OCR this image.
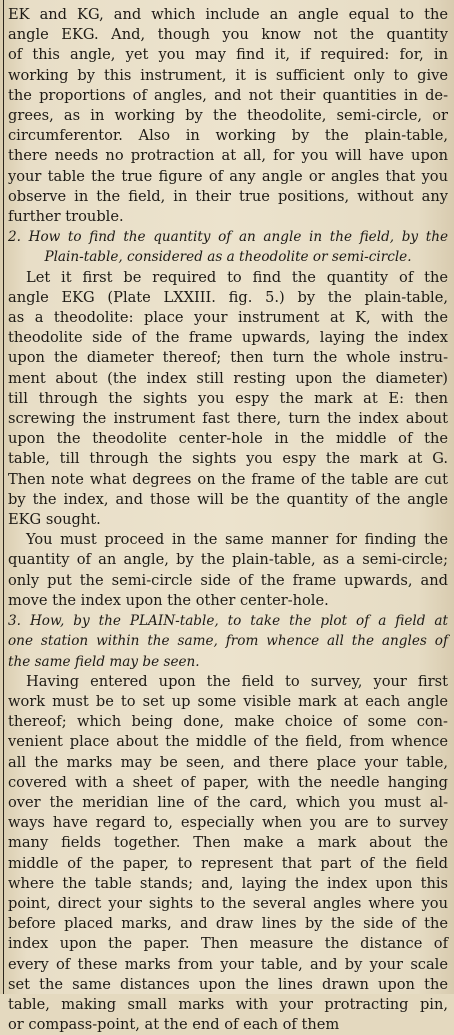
EK and KG, and which include an angle equal to the
angle EKG. And, though you know not the quantity
of this angle, yet you may find it, if required: for, in
working by this instrument, it is sufficient only to give
the proportions of angles, and not their quantities in de-
grees, as in working by the theodolite, semi-circle, or
circumferentor. Also in working by the plain-table,
there needs no protraction at all, for you will have upon
your table the true figure of any angle or angles that you
observe in the field, in their true positions, without any
further trouble.
2. How to find the quantity of an angle in the field, by the
Plain-table, considered as a theodolite or semi-circle.
Let it first be required to find the quantity of the
angle EKG (Plate LXXIII. fig. 5.) by the plain-table,
as a theodolite: place your instrument at K, with the
theodolite side of the frame upwards, laying the index
upon the diameter thereof; then turn the whole instru-
ment about (the index still resting upon the diameter)
till through the sights you espy the mark at E: then
screwing the instrument fast there, turn the index about
upon the theodolite center-hole in the middle of the
table, till through the sights you espy the mark at G.
Then note what degrees on the frame of the table are cut
by the index, and those will be the quantity of the angle
EKG sought.
You must proceed in the same manner for finding the
quantity of an angle, by the plain-table, as a semi-circle;
only put the semi-circle side of the frame upwards, and
move the index upon the other center-hole.
3. How, by the PLAIN-table, to take the plot of a field at
one station within the same, from whence all the angles of
the same field may be seen.
Having entered upon the field to survey, your first
work must be to set up some visible mark at each angle
thereof; which being done, make choice of some con-
venient place about the middle of the field, from whence
all the marks may be seen, and there place your table,
covered with a sheet of paper, with the needle hanging
over the meridian line of the card, which you must al-
ways have regard to, especially when you are to survey
many fields together. Then make a mark about the
middle of the paper, to represent that part of the field
where the table stands; and, laying the index upon this
point, direct your sights to the several angles where you
before placed marks, and draw lines by the side of the
index upon the paper. Then measure the distance of
every of these marks from your table, and by your scale
set the same distances upon the lines drawn upon the
table, making small marks with your protracting pin,
or compass-point, at the end of each of them
